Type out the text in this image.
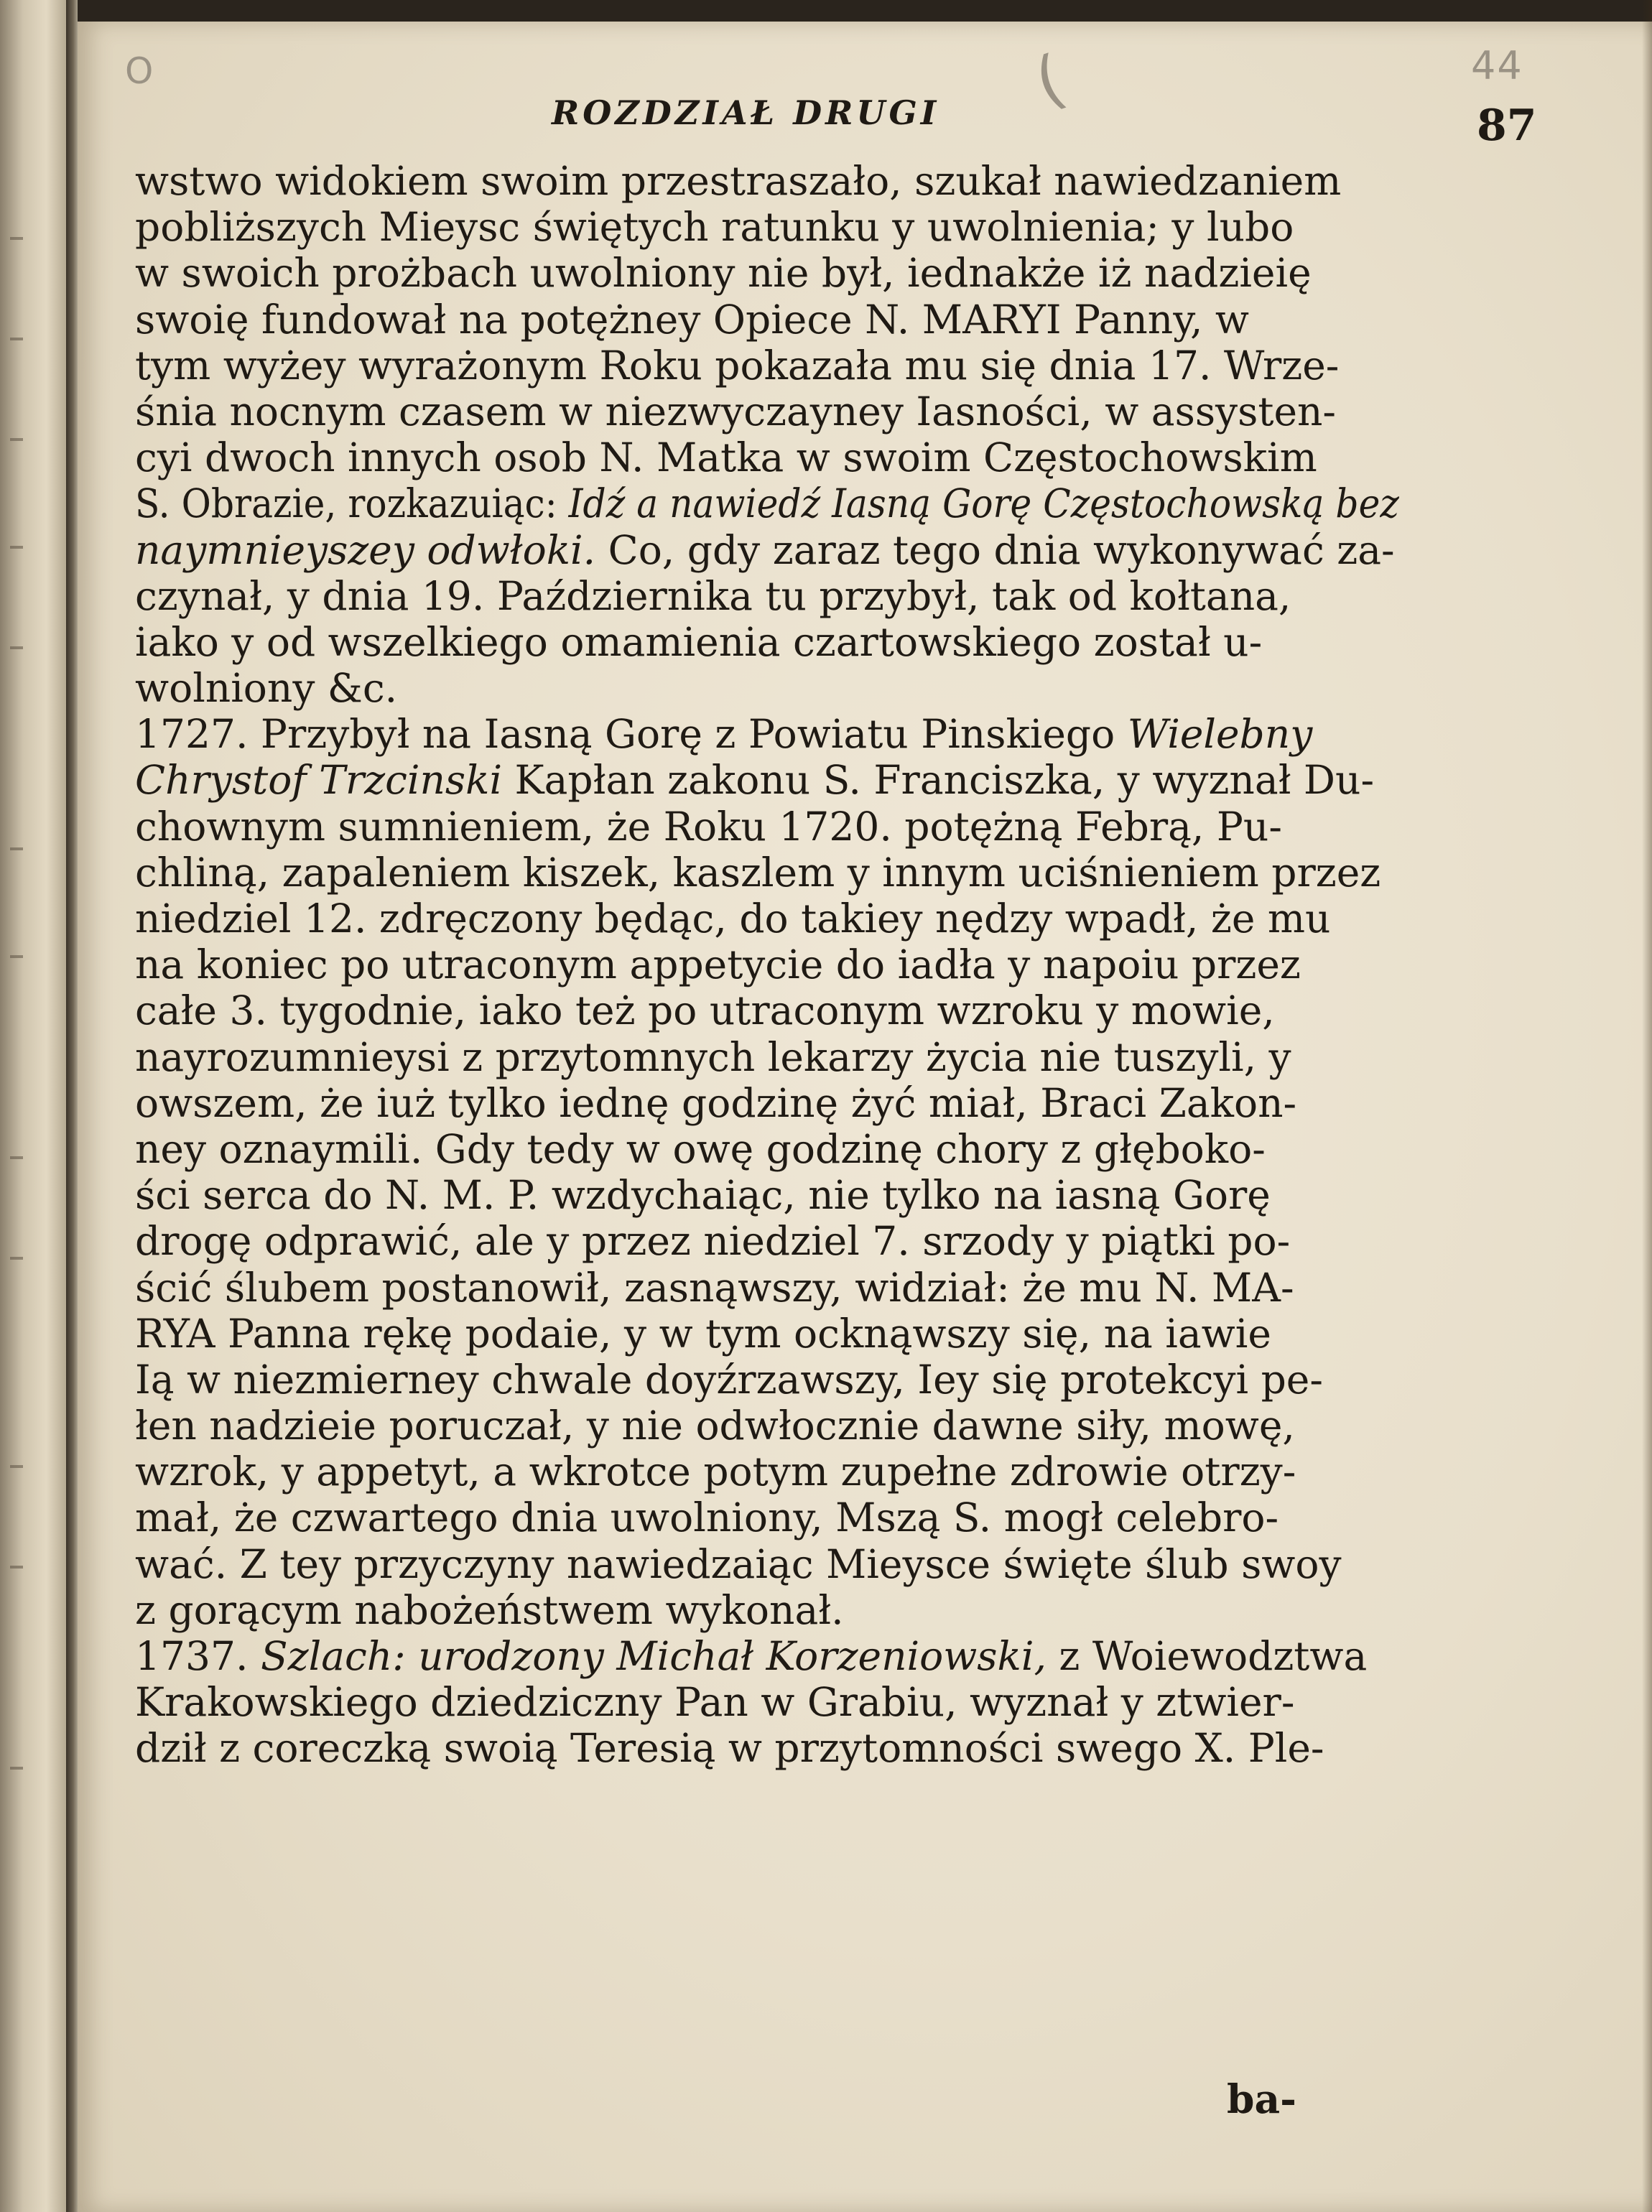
O	(	44
ROZDZIAŁ DRUGI	87
wstwo widokiem swoim przestraszało, szukał nawiedzaniem
pobliższych Mieysc świętych ratunku y uwolnienia; y lubo
w swoich prożbach uwolniony nie był, iednakże iż nadzieię
swoię fundował na potężney Opiece N. MARYI Panny, w
tym wyżey wyrażonym Roku pokazała mu się dnia 17. Wrze-
śnia nocnym czasem w niezwyczayney Iasności, w assysten-
cyi dwoch innych osob N. Matka w swoim Częstochowskim
S. Obrazie, rozkazuiąc: Idź a nawiedź Iasną Gorę Częstochowską bez
naymnieyszey odwłoki. Co, gdy zaraz tego dnia wykonywać za-
czynał, y dnia 19. Października tu przybył, tak od kołtana,
iako y od wszelkiego omamienia czartowskiego został u-
wolniony &c.
1727. Przybył na Iasną Gorę z Powiatu Pinskiego Wielebny
Chrystof Trzcinski Kapłan zakonu S. Franciszka, y wyznał Du-
chownym sumnieniem, że Roku 1720. potężną Febrą, Pu-
chliną, zapaleniem kiszek, kaszlem y innym uciśnieniem przez
niedziel 12. zdręczony będąc, do takiey nędzy wpadł, że mu
na koniec po utraconym appetycie do iadła y napoiu przez
całe 3. tygodnie, iako też po utraconym wzroku y mowie,
nayrozumnieysi z przytomnych lekarzy życia nie tuszyli, y
owszem, że iuż tylko iednę godzinę żyć miał, Braci Zakon-
ney oznaymili. Gdy tedy w owę godzinę chory z głęboko-
ści serca do N. M. P. wzdychaiąc, nie tylko na iasną Gorę
drogę odprawić, ale y przez niedziel 7. srzody y piątki po-
ścić ślubem postanowił, zasnąwszy, widział: że mu N. MA-
RYA Panna rękę podaie, y w tym ocknąwszy się, na iawie
Ią w niezmierney chwale doyźrzawszy, Iey się protekcyi pe-
łen nadzieie poruczał, y nie odwłocznie dawne siły, mowę,
wzrok, y appetyt, a wkrotce potym zupełne zdrowie otrzy-
mał, że czwartego dnia uwolniony, Mszą S. mogł celebro-
wać. Z tey przyczyny nawiedzaiąc Mieysce święte ślub swoy
z gorącym nabożeństwem wykonał.
1737. Szlach: urodzony Michał Korzeniowski, z Woiewodztwa
Krakowskiego dziedziczny Pan w Grabiu, wyznał y ztwier-
dził z coreczką swoią Teresią w przytomności swego X. Ple-
ba-
